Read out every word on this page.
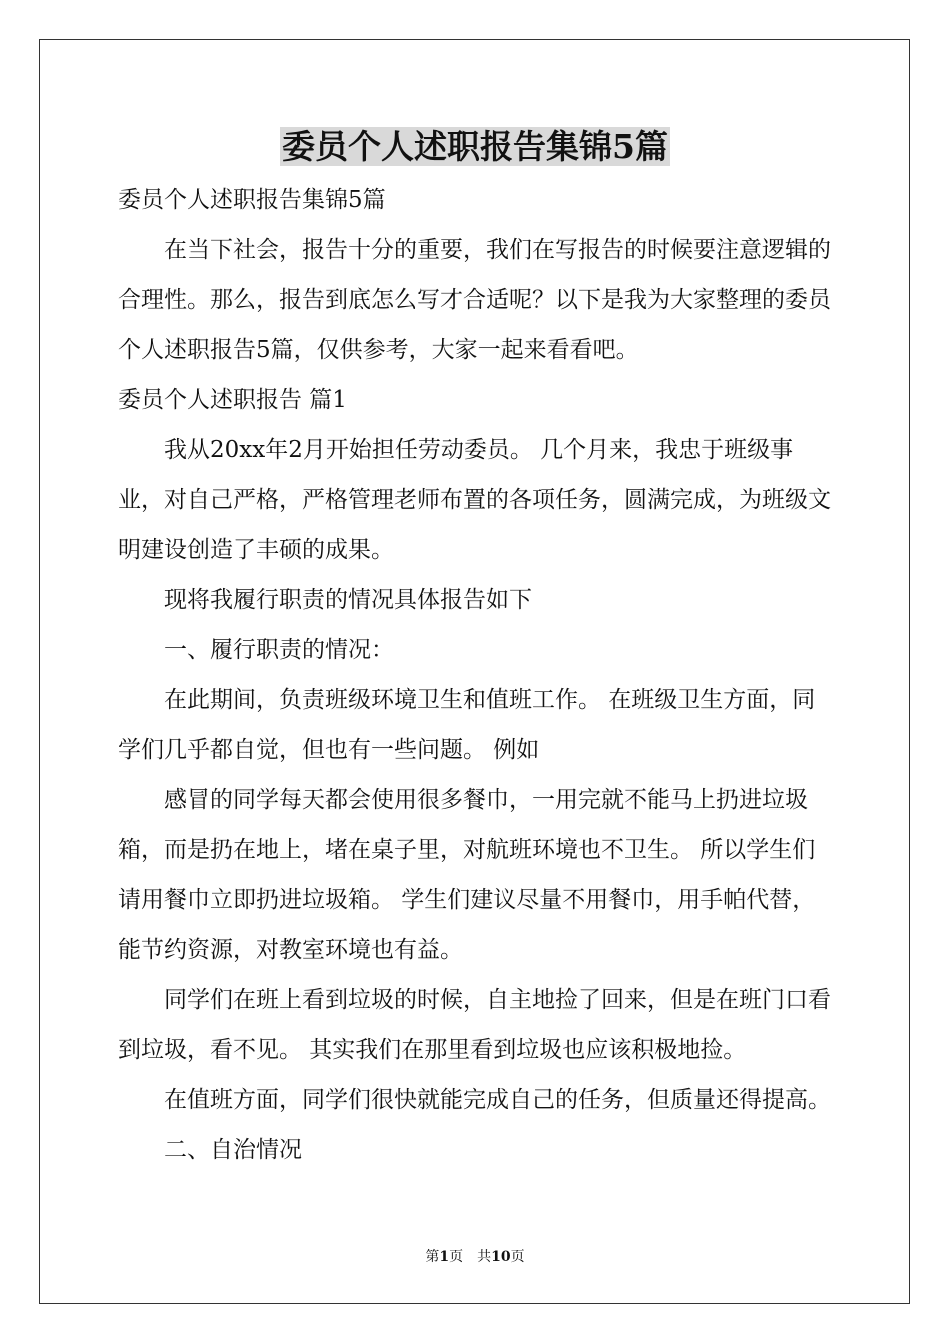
委员个人述职报告集锦5篇

委员个人述职报告集锦5篇

在当下社会，报告十分的重要，我们在写报告的时候要注意逻辑的合理性。那么，报告到底怎么写才合适呢？以下是我为大家整理的委员个人述职报告5篇，仅供参考，大家一起来看看吧。

委员个人述职报告 篇1

我从20xx年2月开始担任劳动委员。 几个月来，我忠于班级事业，对自己严格，严格管理老师布置的各项任务，圆满完成，为班级文明建设创造了丰硕的成果。

现将我履行职责的情况具体报告如下

一、履行职责的情况：

在此期间，负责班级环境卫生和值班工作。 在班级卫生方面，同学们几乎都自觉，但也有一些问题。 例如

感冒的同学每天都会使用很多餐巾，一用完就不能马上扔进垃圾箱，而是扔在地上，堵在桌子里，对航班环境也不卫生。 所以学生们请用餐巾立即扔进垃圾箱。 学生们建议尽量不用餐巾，用手帕代替，能节约资源，对教室环境也有益。

同学们在班上看到垃圾的时候，自主地捡了回来，但是在班门口看到垃圾，看不见。 其实我们在那里看到垃圾也应该积极地捡。

在值班方面，同学们很快就能完成自己的任务，但质量还得提高。

二、自治情况

第1页　共10页
